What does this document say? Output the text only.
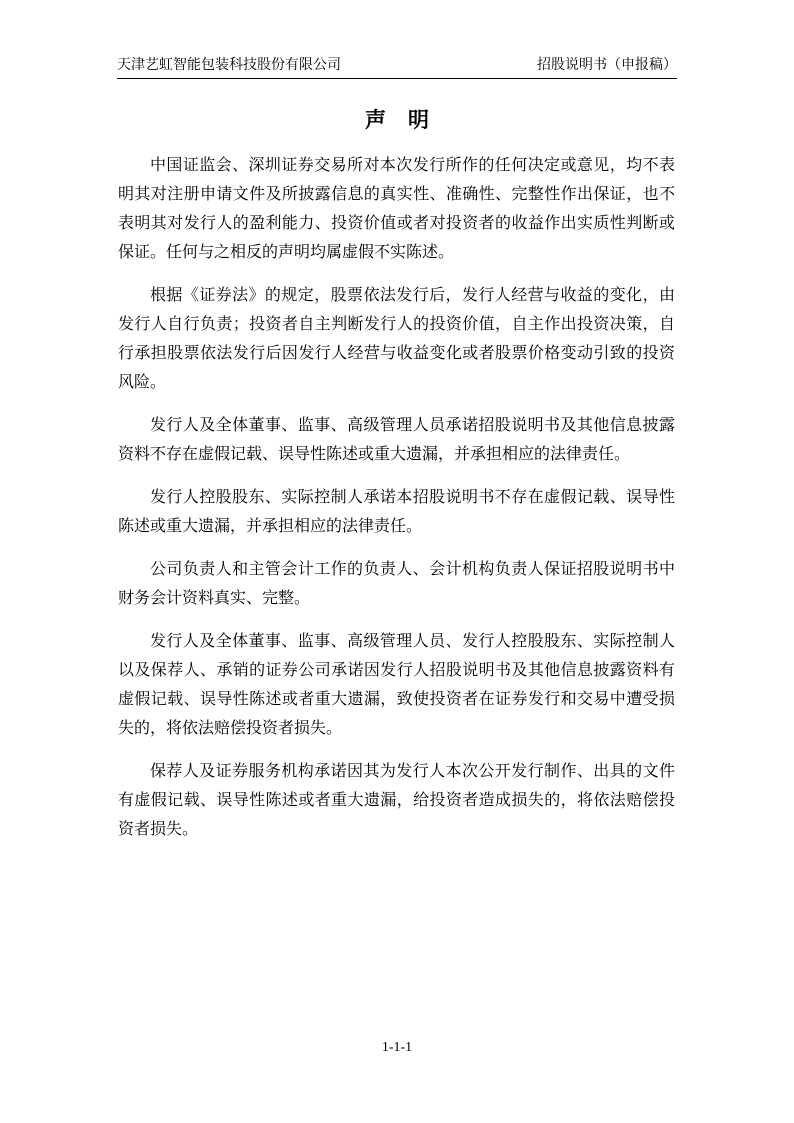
天津艺虹智能包装科技股份有限公司	招股说明书（申报稿）
声明

中国证监会、深圳证券交易所对本次发行所作的任何决定或意见，均不表明其对注册申请文件及所披露信息的真实性、准确性、完整性作出保证，也不表明其对发行人的盈利能力、投资价值或者对投资者的收益作出实质性判断或保证。任何与之相反的声明均属虚假不实陈述。

根据《证券法》的规定，股票依法发行后，发行人经营与收益的变化，由发行人自行负责；投资者自主判断发行人的投资价值，自主作出投资决策，自行承担股票依法发行后因发行人经营与收益变化或者股票价格变动引致的投资风险。

发行人及全体董事、监事、高级管理人员承诺招股说明书及其他信息披露资料不存在虚假记载、误导性陈述或重大遗漏，并承担相应的法律责任。

发行人控股股东、实际控制人承诺本招股说明书不存在虚假记载、误导性陈述或重大遗漏，并承担相应的法律责任。

公司负责人和主管会计工作的负责人、会计机构负责人保证招股说明书中财务会计资料真实、完整。

发行人及全体董事、监事、高级管理人员、发行人控股股东、实际控制人以及保荐人、承销的证券公司承诺因发行人招股说明书及其他信息披露资料有虚假记载、误导性陈述或者重大遗漏，致使投资者在证券发行和交易中遭受损失的，将依法赔偿投资者损失。

保荐人及证券服务机构承诺因其为发行人本次公开发行制作、出具的文件有虚假记载、误导性陈述或者重大遗漏，给投资者造成损失的，将依法赔偿投资者损失。

1-1-1
